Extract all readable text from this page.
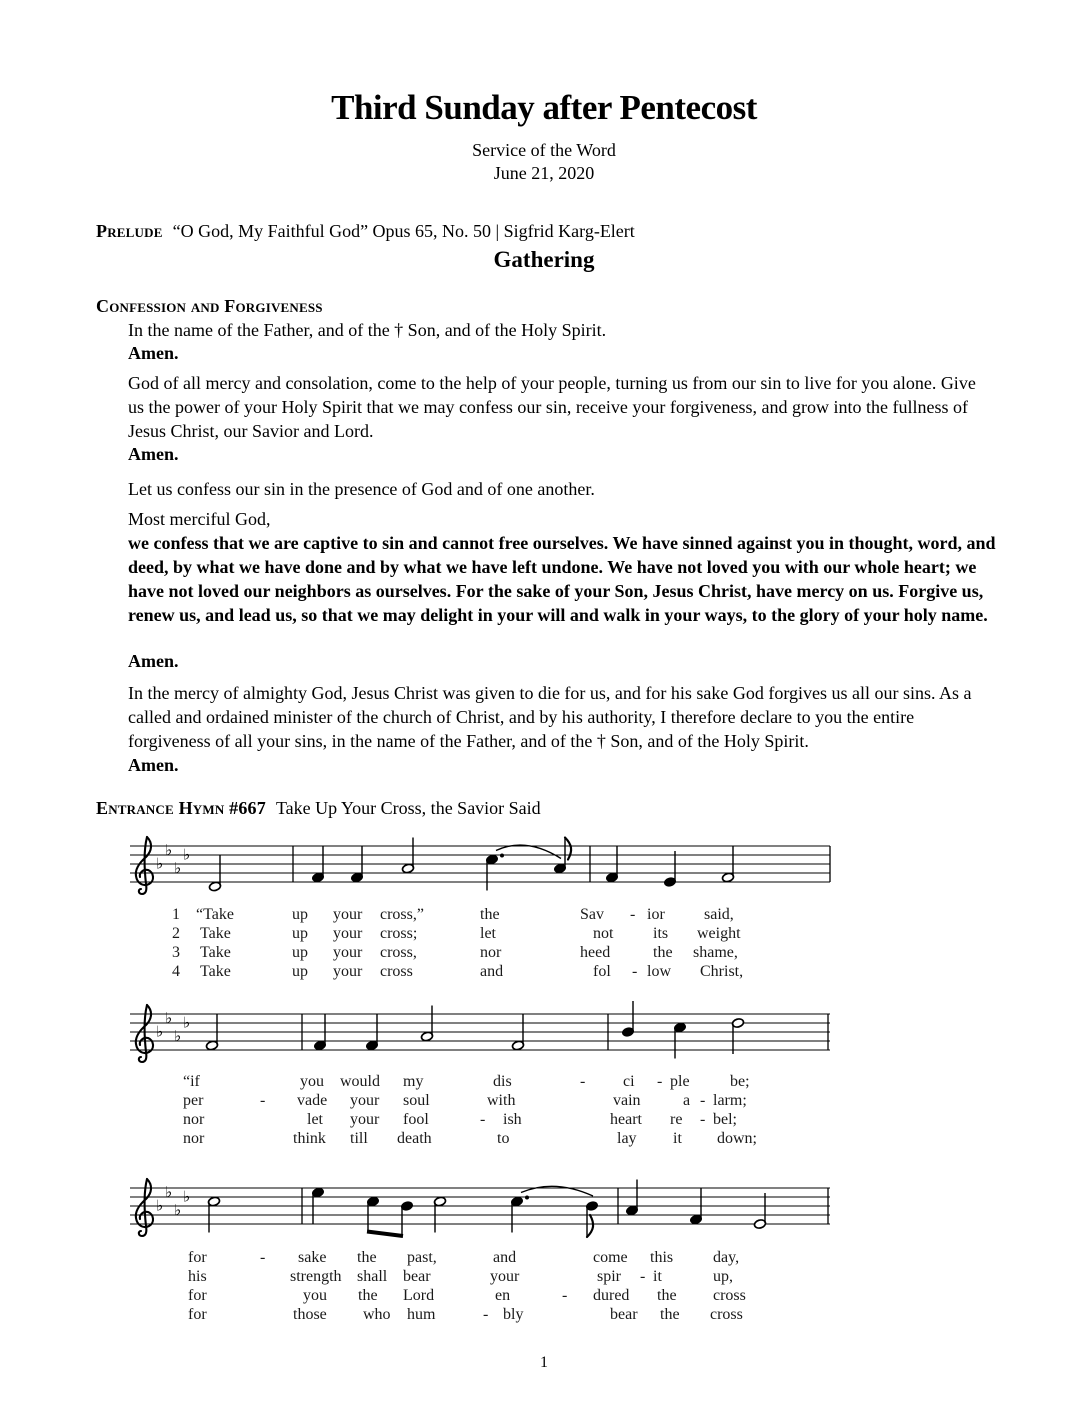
Third Sunday after Pentecost
Service of the Word
June 21, 2020
Prelude “O God, My Faithful God” Opus 65, No. 50 | Sigfrid Karg-Elert
Gathering
Confession and Forgiveness
In the name of the Father, and of the † Son, and of the Holy Spirit.
Amen.
God of all mercy and consolation, come to the help of your people, turning us from our sin to live for you alone. Give us the power of your Holy Spirit that we may confess our sin, receive your forgiveness, and grow into the fullness of Jesus Christ, our Savior and Lord.
Amen.
Let us confess our sin in the presence of God and of one another.
Most merciful God,
we confess that we are captive to sin and cannot free ourselves. We have sinned against you in thought, word, and deed, by what we have done and by what we have left undone. We have not loved you with our whole heart; we have not loved our neighbors as ourselves. For the sake of your Son, Jesus Christ, have mercy on us. Forgive us, renew us, and lead us, so that we may delight in your will and walk in your ways, to the glory of your holy name.
Amen.
In the mercy of almighty God, Jesus Christ was given to die for us, and for his sake God forgives us all our sins. As a called and ordained minister of the church of Christ, and by his authority, I therefore declare to you the entire forgiveness of all your sins, in the name of the Father, and of the † Son, and of the Holy Spirit.
Amen.
Entrance Hymn #667 Take Up Your Cross, the Savior Said
♭
♭
♭
♭
♭
♭
♭
♭
♭
♭
♭
♭
1 “Take	up your cross,”	the	Sav - ior said,
2 Take	up your cross;	let	not its weight
3 Take	up your cross,	nor	heed	the shame,
4 Take	up your cross	and	fol - low Christ,
“if	you would my	dis	- ci - ple	be;
per	- vade your soul	with	vain	a - larm;
nor	let your fool	- ish	heart re - bel;
nor	think till death	to	lay it down;
for	- sake the past,	and	come this day,
his	strength shall bear	your	spir - it	up,
for	you the Lord	en	- dured the cross
for	those who hum	- bly	bear the cross
1
